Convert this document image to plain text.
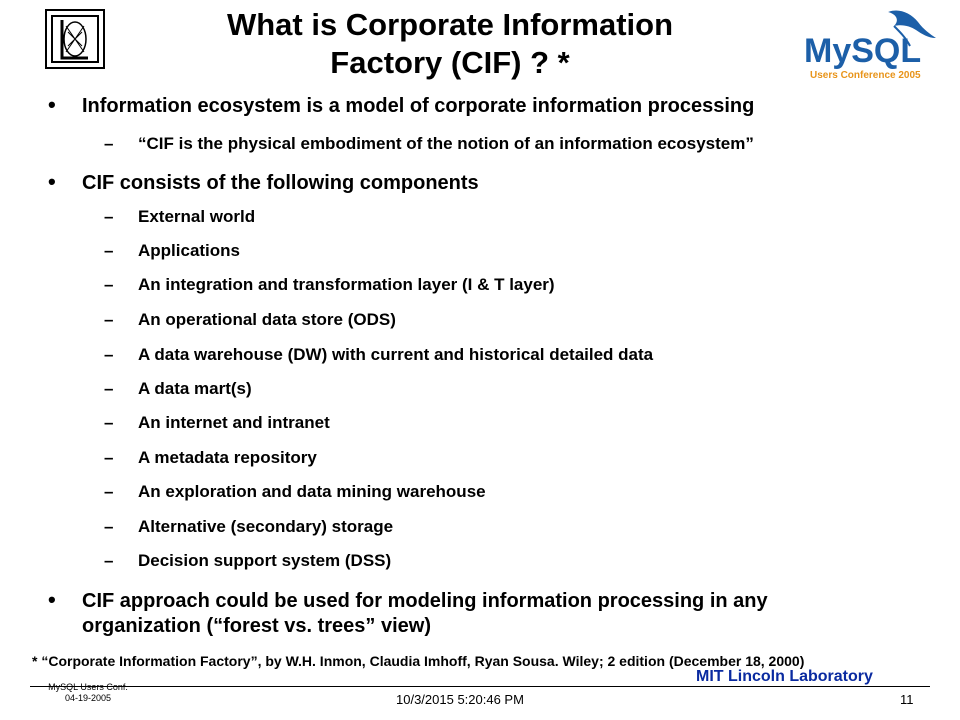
What is Corporate Information
Factory (CIF) ? *	MySQL
Users Conference 2005
• Information ecosystem is a model of corporate information processing
– “CIF is the physical embodiment of the notion of an information ecosystem”
• CIF consists of the following components
– External world
– Applications
– An integration and transformation layer (I & T layer)
– An operational data store (ODS)
– A data warehouse (DW) with current and historical detailed data
– A data mart(s)
– An internet and intranet
– A metadata repository
– An exploration and data mining warehouse
– Alternative (secondary) storage
– Decision support system (DSS)
• CIF approach could be used for modeling information processing in any
organization (“forest vs. trees” view)
* “Corporate Information Factory”, by W.H. Inmon, Claudia Imhoff, Ryan Sousa. Wiley; 2 edition (December 18, 2000)
MySQL Users Conf.
04-19-2005	10/3/2015 5:20:46 PM
MIT Lincoln Laboratory
11
